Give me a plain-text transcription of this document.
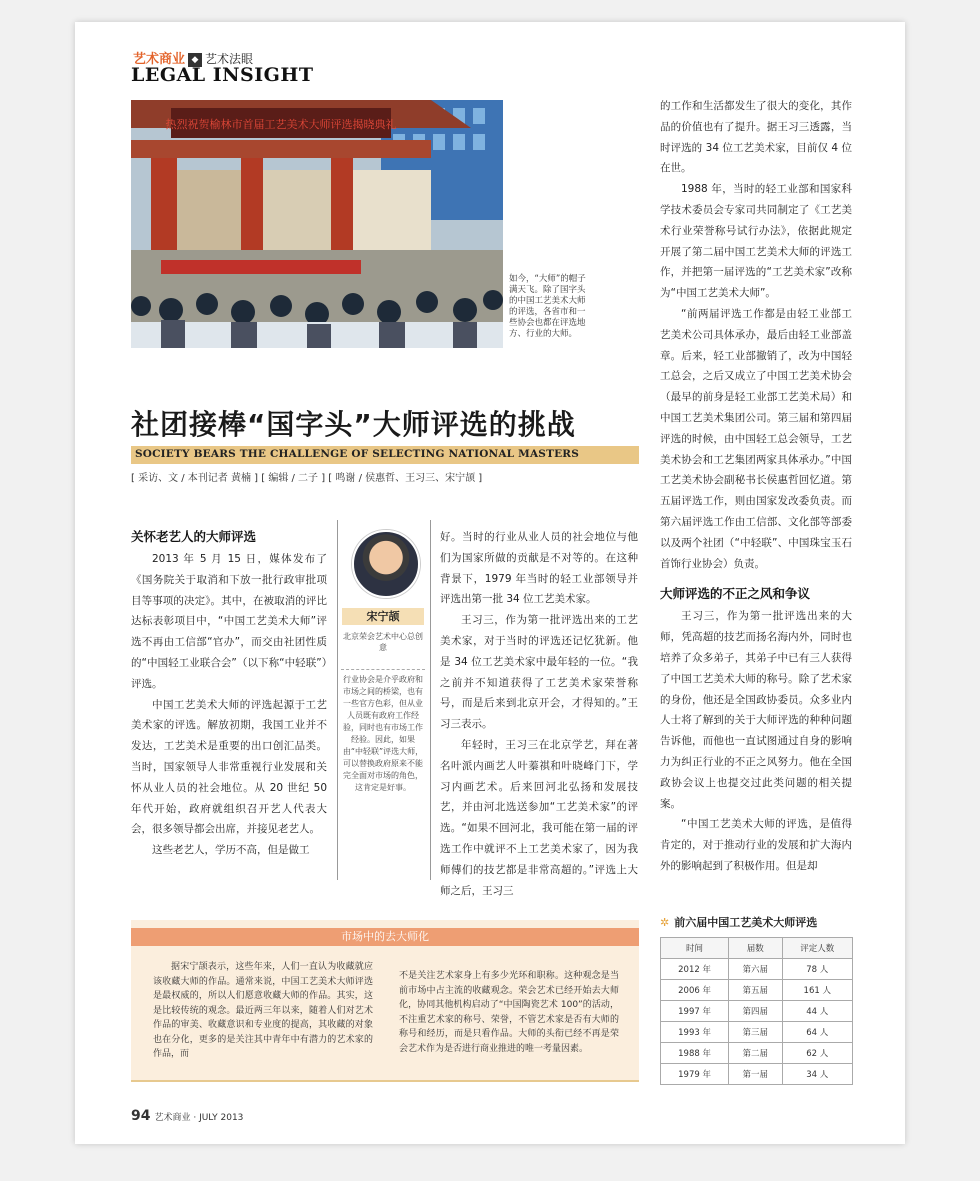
艺术商业 ◆ 艺术法眼
LEGAL INSIGHT
热烈祝贺榆林市首届工艺美术大师评选揭晓典礼
如今，“大师”的帽子满天飞。除了国字头的中国工艺美术大师的评选，各省市和一些协会也都在评选地方、行业的大师。
社团接棒“国字头”大师评选的挑战
SOCIETY BEARS THE CHALLENGE OF SELECTING NATIONAL MASTERS
[ 采访、文 / 本刊记者 黄楠 ] [ 编辑 / 二子 ] [ 鸣谢 / 侯惠哲、王习三、宋宁颉 ]
关怀老艺人的大师评选

2013 年 5 月 15 日，媒体发布了《国务院关于取消和下放一批行政审批项目等事项的决定》。其中，在被取消的评比达标表彰项目中，“中国工艺美术大师”评选不再由工信部“官办”，而交由社团性质的“中国轻工业联合会”（以下称“中轻联”）评选。

中国工艺美术大师的评选起源于工艺美术家的评选。解放初期，我国工业并不发达，工艺美术是重要的出口创汇品类。当时，国家领导人非常重视行业发展和关怀从业人员的社会地位。从 20 世纪 50 年代开始，政府就组织召开艺人代表大会，很多领导都会出席，并接见老艺人。

这些老艺人，学历不高，但是做工

宋宁颉
北京荣会艺术中心总创意
行业协会是介乎政府和市场之间的桥梁，也有一些官方色彩，但从业人员既有政府工作经验，同时也有市场工作经验。因此，如果由“中轻联”评选大师，可以替换政府原来不能完全面对市场的角色，这肯定是好事。

好。当时的行业从业人员的社会地位与他们为国家所做的贡献是不对等的。在这种背景下，1979 年当时的轻工业部领导并评选出第一批 34 位工艺美术家。

王习三，作为第一批评选出来的工艺美术家，对于当时的评选还记忆犹新。他是 34 位工艺美术家中最年轻的一位。“我之前并不知道获得了工艺美术家荣誉称号，而是后来到北京开会，才得知的。”王习三表示。

年轻时，王习三在北京学艺，拜在著名叶派内画艺人叶蓁祺和叶晓峰门下，学习内画艺术。后来回河北弘扬和发展技艺，并由河北选送参加“工艺美术家”的评选。“如果不回河北，我可能在第一届的评选工作中就评不上工艺美术家了，因为我师傅们的技艺都是非常高超的。”评选上大师之后，王习三

的工作和生活都发生了很大的变化，其作品的价值也有了提升。据王习三透露，当时评选的 34 位工艺美术家，目前仅 4 位在世。

1988 年，当时的轻工业部和国家科学技术委员会专家司共同制定了《工艺美术行业荣誉称号试行办法》，依据此规定开展了第二届中国工艺美术大师的评选工作，并把第一届评选的“工艺美术家”改称为“中国工艺美术大师”。

“前两届评选工作都是由轻工业部工艺美术公司具体承办，最后由轻工业部盖章。后来，轻工业部撤销了，改为中国轻工总会，之后又成立了中国工艺美术协会（最早的前身是轻工业部工艺美术局）和中国工艺美术集团公司。第三届和第四届评选的时候，由中国轻工总会领导，工艺美术协会和工艺集团两家具体承办。”中国工艺美术协会副秘书长侯惠哲回忆道。第五届评选工作，则由国家发改委负责。而第六届评选工作由工信部、文化部等部委以及两个社团（“中轻联”、中国珠宝玉石首饰行业协会）负责。

大师评选的不正之风和争议

王习三，作为第一批评选出来的大师，凭高超的技艺而扬名海内外，同时也培养了众多弟子，其弟子中已有三人获得了中国工艺美术大师的称号。除了艺术家的身份，他还是全国政协委员。众多业内人士将了解到的关于大师评选的种种问题告诉他，而他也一直试图通过自身的影响力为纠正行业的不正之风努力。他在全国政协会议上也提交过此类问题的相关提案。

“中国工艺美术大师的评选，是值得肯定的，对于推动行业的发展和扩大海内外的影响起到了积极作用。但是却

市场中的去大师化

据宋宁颉表示，这些年来，人们一直认为收藏就应该收藏大师的作品。通常来说，中国工艺美术大师评选是最权威的，所以人们愿意收藏大师的作品。其实，这是比较传统的观念。最近两三年以来，随着人们对艺术作品的审美、收藏意识和专业度的提高，其收藏的对象也在分化，更多的是关注其中青年中有潜力的艺术家的作品，而

不是关注艺术家身上有多少光环和职称。这种观念是当前市场中占主流的收藏观念。荣会艺术已经开始去大师化，协同其他机构启动了“中国陶瓷艺术 100”的活动，不注重艺术家的称号、荣誉，不管艺术家是否有大师的称号和经历，而是只看作品。大师的头衔已经不再是荣会艺术作为是否进行商业推进的唯一考量因素。

✲ 前六届中国工艺美术大师评选
时间	届数	评定人数
2012 年	第六届	78 人
2006 年	第五届	161 人
1997 年	第四届	44 人
1993 年	第三届	64 人
1988 年	第二届	62 人
1979 年	第一届	34 人
94 艺术商业 · JULY 2013
